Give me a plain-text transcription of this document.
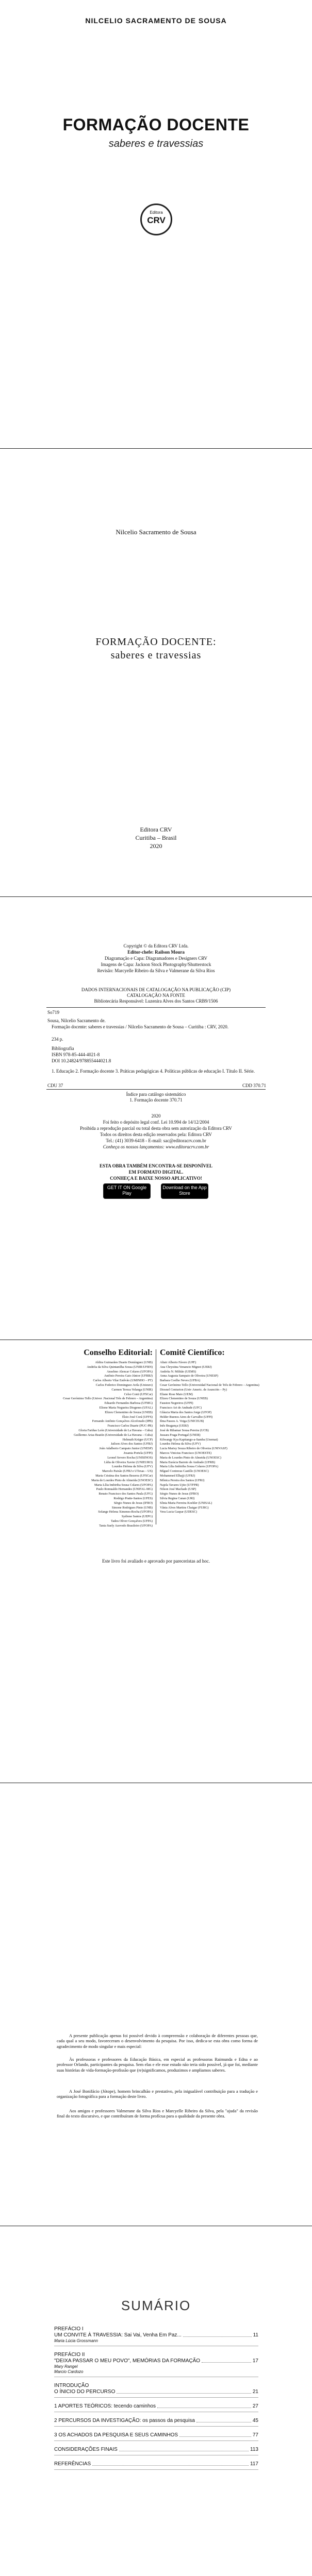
NILCELIO SACRAMENTO DE SOUSA
FORMAÇÃO DOCENTE
saberes e travessias
Editora
CRV
Nilcelio Sacramento de Sousa
FORMAÇÃO DOCENTE:
saberes e travessias
Editora CRV
Curitiba – Brasil
2020
Copyright © da Editora CRV Ltda.
Editor-chefe: Railson Moura
Diagramação e Capa: Diagramadores e Designers CRV
Imagens de Capa: Jackson Stock Photography/Shutterstock
Revisão: Marcyelle Ribeiro da Silva e Valmerane da Silva Rios
DADOS INTERNACIONAIS DE CATALOGAÇÃO NA PUBLICAÇÃO (CIP)
CATALOGAÇÃO NA FONTE
Bibliotecária Responsável: Luzenira Alves dos Santos CRB9/1506
So719
Sousa, Nilcelio Sacramento de.
Formação docente: saberes e travessias / Nilcelio Sacramento de Sousa – Curitiba : CRV, 2020.
234 p.
Bibliografia
ISBN 978-85-444-4021-8
DOI 10.24824/978855444021.8
1. Educação 2. Formação docente 3. Práticas pedagógicas 4. Políticas públicas de educação I. Título II. Série.
CDU 37	CDD 370.71
Índice para catálogo sistemático
1. Formação docente 370.71
2020
Foi feito o depósito legal conf. Lei 10.994 de 14/12/2004
Proibida a reprodução parcial ou total desta obra sem autorização da Editora CRV
Todos os direitos desta edição reservados pela: Editora CRV
Tel.: (41) 3039-6418 - E-mail: sac@editoracrv.com.br
Conheça os nossos lançamentos: www.editoracrv.com.br
ESTA OBRA TAMBÉM ENCONTRA-SE DISPONÍVEL
EM FORMATO DIGITAL.
CONHEÇA E BAIXE NOSSO APLICATIVO!
GET IT ON Google Play
Download on the App Store
Conselho Editorial: Comitê Científico:
Aldira Guimarães Duarte Domínguez (UNB)
Andréia da Silva Quintanilha Sousa (UNIR/UFRN)
Anselmo Alencar Colares (UFOPA)
Antônio Pereira Gaio Júnior (UFRRJ)
Carlos Alberto Vilar Estêvão (UMINHO – PT)
Carlos Federico Dominguez Avila (Unieuro)
Carmen Tereza Velanga (UNIR)
Celso Conti (UFSCar)
Cesar Gerónimo Tello (Univer .Nacional Três de Febrero – Argentina)
Eduardo Fernandes Barbosa (UFMG)
Elione Maria Nogueira Diogenes (UFAL)
Elizeu Clementino de Souza (UNEB)
Élsio José Corá (UFFS)
Fernando Antônio Gonçalves Alcoforado (IPB)
Francisco Carlos Duarte (PUC-PR)
Gloria Fariñas León (Universidade de La Havana – Cuba)
Guillermo Arias Beatón (Universidade de La Havana – Cuba)
Helmuth Krüger (UCP)
Jailson Alves dos Santos (UFRJ)
João Adalberto Campato Junior (UNESP)
Josania Portela (UFPI)
Leonel Severo Rocha (UNISINOS)
Lídia de Oliveira Xavier (UNIEURO)
Lourdes Helena da Silva (UFV)
Marcelo Paixão (UFRJ e UTexas – US)
Maria Cristina dos Santos Bezerra (UFSCar)
Maria de Lourdes Pinto de Almeida (UNOESC)
Maria Lília Imbiriba Sousa Colares (UFOPA)
Paulo Romualdo Hernandes (UNIFAL-MG)
Renato Francisco dos Santos Paula (UFG)
Rodrigo Pratte-Santos (UFES)
Sérgio Nunes de Jesus (IFRO)
Simone Rodrigues Pinto (UNB)
Solange Helena Ximenes-Rocha (UFOPA)
Sydione Santos (UEPG)
Tadeu Oliver Gonçalves (UFPA)
Tania Suely Azevedo Brasileiro (UFOPA)
Altair Alberto Fávero (UPF)
Ana Chrystina Venancio Mignot (UERJ)
Andréia N. Militão (UEMS)
Anna Augusta Sampaio de Oliveira (UNESP)
Barbara Coelho Neves (UFBA)
Cesar Gerónimo Tello (Universidad Nacional de Três de Febrero – Argentina)
Diosnel Centurion (Univ Americ. de Asunción – Py)
Eliane Rose Maio (UEM)
Elizeu Clementino de Souza (UNEB)
Fauston Negreiros (UFPI)
Francisco Ari de Andrade (UFC)
Gláucia Maria dos Santos Jorge (UFOP)
Helder Buenos Aires de Carvalho (UFPI)
Ilma Passos A. Veiga (UNICEUB)
Inês Bragança (UERJ)
José de Ribamar Sousa Pereira (UCB)
Jussara Fraga Portugal (UNEB)
Kilwangy Kya Kapitango-a-Samba (Unemat)
Lourdes Helena da Silva (UFV)
Lucia Marisy Souza Ribeiro de Oliveira (UNIVASF)
Marcos Vinicius Francisco (UNOESTE)
Maria de Lourdes Pinto de Almeida (UNOESC)
Maria Eurácia Barreto de Andrade (UFRB)
Maria Lília Imbiriba Sousa Colares (UFOPA)
Míguel Contreras Castillo (UNOESC)
Mohammed Elhajji (UFRJ)
Mônica Pereira dos Santos (UFRJ)
Najela Tavares Ujiie (UTFPR)
Nilson José Machado (USP)
Sérgio Nunes de Jesus (IFRO)
Silvia Regina Canan (URI)
Sônia Maria Ferreira Koehler (UNISAL)
Vânia Alves Martins Chaigar (FURG)
Vera Lucia Gaspar (UDESC)
Este livro foi avaliado e aprovado por pareceristas ad hoc.
A presente publicação apenas foi possível devido à compreensão e colaboração de diferentes pessoas que, cada qual a seu modo, favoreceram o desenvolvimento da pesquisa. Por isso, dedica-se esta obra como forma de agradecimento de modo singular e mais especial:
Às professoras e professores da Educação Básica, em especial as professoras Raimunda e Edna e ao professor Orlando, participantes da pesquisa. Sem elas e ele esse estudo não teria sido possível, já que foi, mediante suas histórias de vida-formação-profissão que (re)significamos, produzimos e ampliamos saberes.
A José Bonifácio (Jótope), homem brincalhão e prestativo, pela inigualável contribuição para a tradução e organização fotográfica para a formação deste livro.
Aos amigos e professores Valmerane da Silva Rios e Marcyelle Ribeiro da Silva, pela "ajuda" da revisão final do texto discursivo, e que contribuíram de forma profícua para a qualidade da presente obra.
SUMÁRIO
PREFÁCIO I
UM CONVITE À TRAVESSIA: Sai Vai, Venha Em Paz...	11
Maria Lúcia Grossmann
PREFÁCIO II
"DEIXA PASSAR O MEU POVO", MEMÓRIAS DA FORMAÇÃO	17
Mary Rangel
Marcio Cardozo
INTRODUÇÃO
O ÍNICIO DO PERCURSO	21
1 APORTES TEÓRICOS: tecendo caminhos	27
2 PERCURSOS DA INVESTIGAÇÃO: os passos da pesquisa	45
3 OS ACHADOS DA PESQUISA E SEUS CAMINHOS	77
CONSIDERAÇÕES FINAIS	113
REFERÊNCIAS	117
